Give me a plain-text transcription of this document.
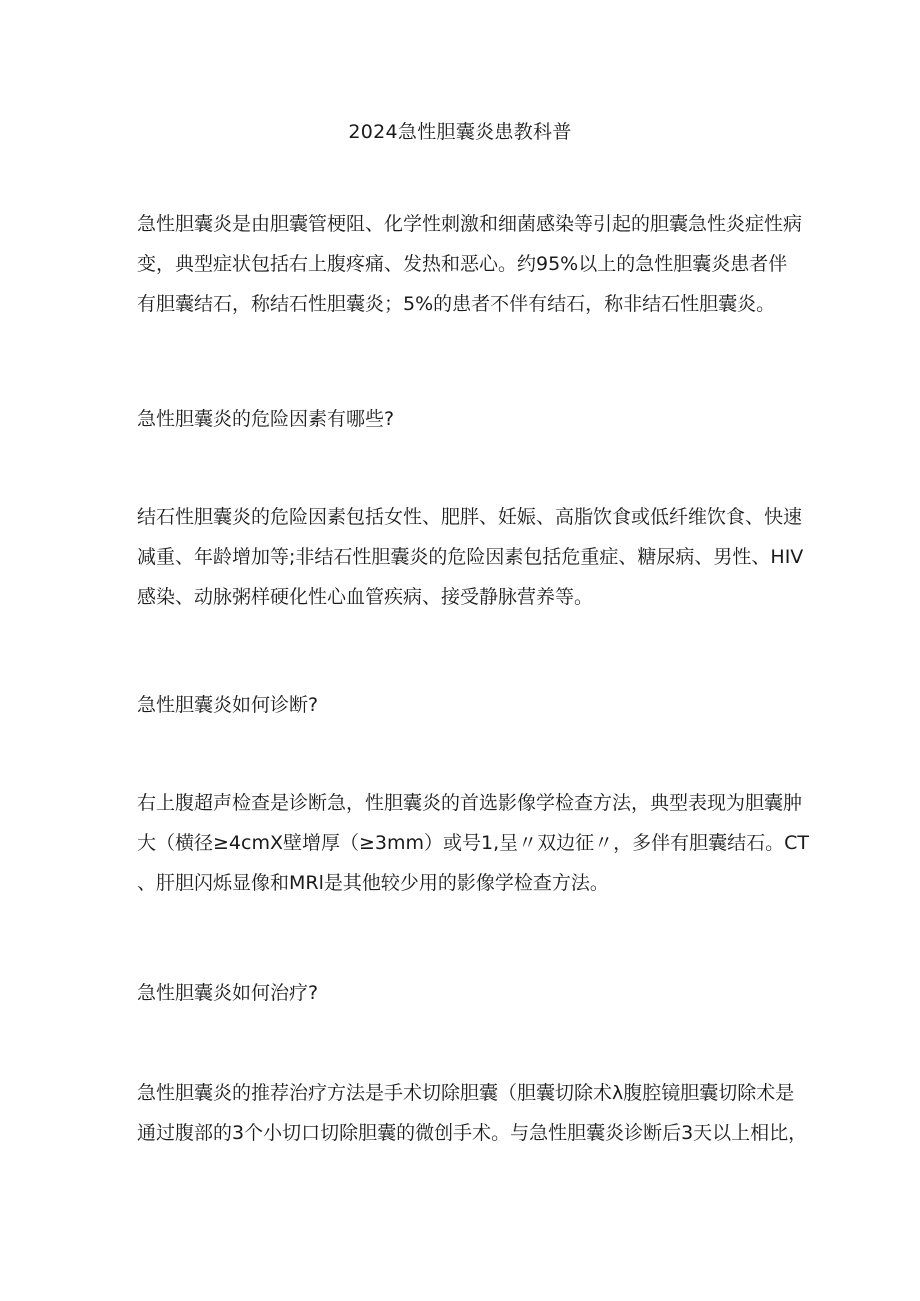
2024急性胆囊炎患教科普
急性胆囊炎是由胆囊管梗阻、化学性刺激和细菌感染等引起的胆囊急性炎症性病
变，典型症状包括右上腹疼痛、发热和恶心。约95%以上的急性胆囊炎患者伴
有胆囊结石，称结石性胆囊炎；5%的患者不伴有结石，称非结石性胆囊炎。
急性胆囊炎的危险因素有哪些?
结石性胆囊炎的危险因素包括女性、肥胖、妊娠、高脂饮食或低纤维饮食、快速
减重、年龄增加等;非结石性胆囊炎的危险因素包括危重症、糖尿病、男性、HIV
感染、动脉粥样硬化性心血管疾病、接受静脉营养等。
急性胆囊炎如何诊断?
右上腹超声检查是诊断急，性胆囊炎的首选影像学检查方法，典型表现为胆囊肿
大（横径≥4cmX壁增厚（≥3mm）或号1,呈〃双边征〃，多伴有胆囊结石。CT
、肝胆闪烁显像和MRl是其他较少用的影像学检查方法。
急性胆囊炎如何治疗?
急性胆囊炎的推荐治疗方法是手术切除胆囊（胆囊切除术λ腹腔镜胆囊切除术是
通过腹部的3个小切口切除胆囊的微创手术。与急性胆囊炎诊断后3天以上相比，
